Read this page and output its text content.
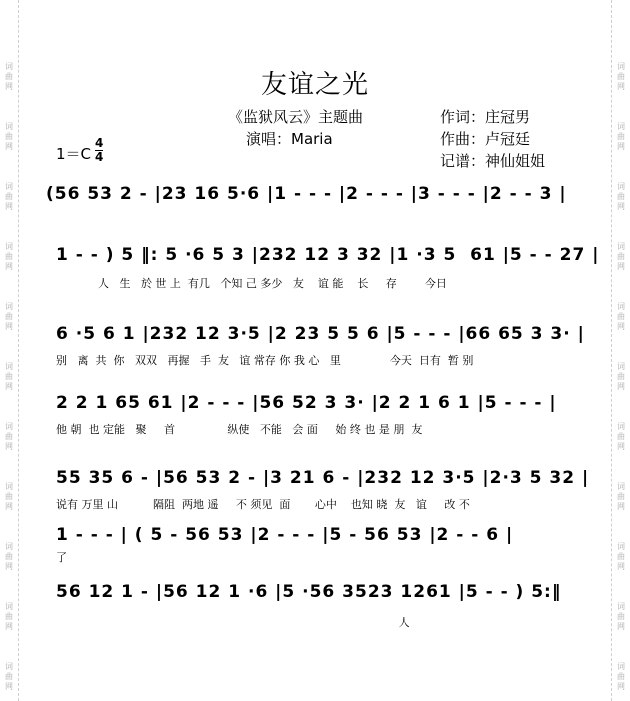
词
曲
网
词
曲
网
词
曲
网
词
曲
网
词
曲
网
词
曲
网
词
曲
网
词
曲
网
词
曲
网
词
曲
网
词
曲
网
词
曲
网
词
曲
网
词
曲
网
词
曲
网
词
曲
网
词
曲
网
词
曲
网
词
曲
网
词
曲
网
词
曲
网
词
曲
网
友谊之光
《监狱风云》主题曲
演唱：Maria
作词：庄冠男
作曲：卢冠廷
记谱：神仙姐姐
1＝C
4
4
(56 53 2 - |23 16 5·6 |1 - - - |2 - - - |3 - - - |2 - - 3 |
1 - - ) 5 ‖: 5 ·6 5 3 |232 12 3 32 |1 ·3 5  61 |5 - - 27 |
人   生   於 世 上  有几   个知 己 多少   友    谊 能    长     存        今日
6 ·5 6 1 |232 12 3·5 |2 23 5 5 6 |5 - - - |66 65 3 3· |
别   离  共  你   双双   再握   手  友   谊 常存 你 我 心   里              今天  日有  暂 别
2 2 1 65 61 |2 - - - |56 52 3 3· |2 2 1 6 1 |5 - - - |
他 朝  也 定能   聚     首               纵使   不能   会 面     始 终 也 是 朋  友
55 35 6 - |56 53 2 - |3 21 6 - |232 12 3·5 |2·3 5 32 |
说有 万里 山          隔阻  两地 遥     不 须见  面       心中    也知 晓  友   谊     改 不
1 - - - | ( 5 - 56 53 |2 - - - |5 - 56 53 |2 - - 6 |
了
56 12 1 - |56 12 1 ·6 |5 ·56 3523 1261 |5 - - ) 5:‖
人
